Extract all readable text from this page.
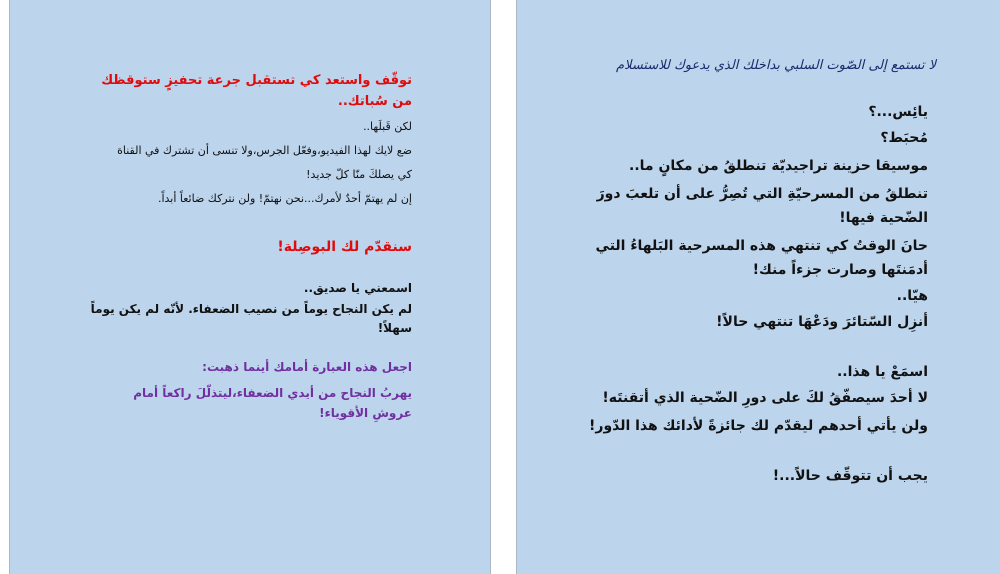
توقّف واستعد كي تستقبل جرعة تحفيزٍ ستوقظك من سُباتك..

لكن قَبلَها..

ضع لايك لهذا الفيديو،وفعّل الجرس،ولا تنسى أن تشترك في القناة

كي يصلكَ منّا كلّ جديد!

إن لم يهتمّ أحدٌ لأمرك...نحن نهتمّ! ولن نتركك ضائعاً أبداً.

سنقدّم لك البوصِلة!

اسمعني يا صديق..

لم يكن النجاح يوماً من نصيب الضعفاء. لأنّه لم يكن يوماً سهلاً!

اجعل هذه العبارة أمامك أينما ذهبت:

يهربُ النجاح من أيدي الضعفاء،ليتذلّلَ راكعاً أمام عروشِ الأقوياء!

لا تستمع إلى الصّوت السلبي بداخلك الذي يدعوك للاستسلام

يائِس...؟

مُحبَط؟

موسيقا حزينة تراجيديّة تنطلقُ من مكانٍ ما..

تنطلقُ من المسرحيّةِ التي تُصِرُّ على أن تلعبَ دورَ الضّحية فيها!

حانَ الوقتُ كي تنتهي هذه المسرحية البَلهاءُ التي أدمَنتَها وصارت جزءاً منك!

هيّا..

أنزِل السّتائرَ ودَعْهَا تنتهي حالاً!

اسمَعْ يا هذا..

لا أحدَ سيصفّقُ لكَ على دورِ الضّحية الذي أتقنتَه!

ولن يأتي أحدهم ليقدّم لك جائزةً لأدائك هذا الدّور!

يجب أن تتوقّف حالاً...!
